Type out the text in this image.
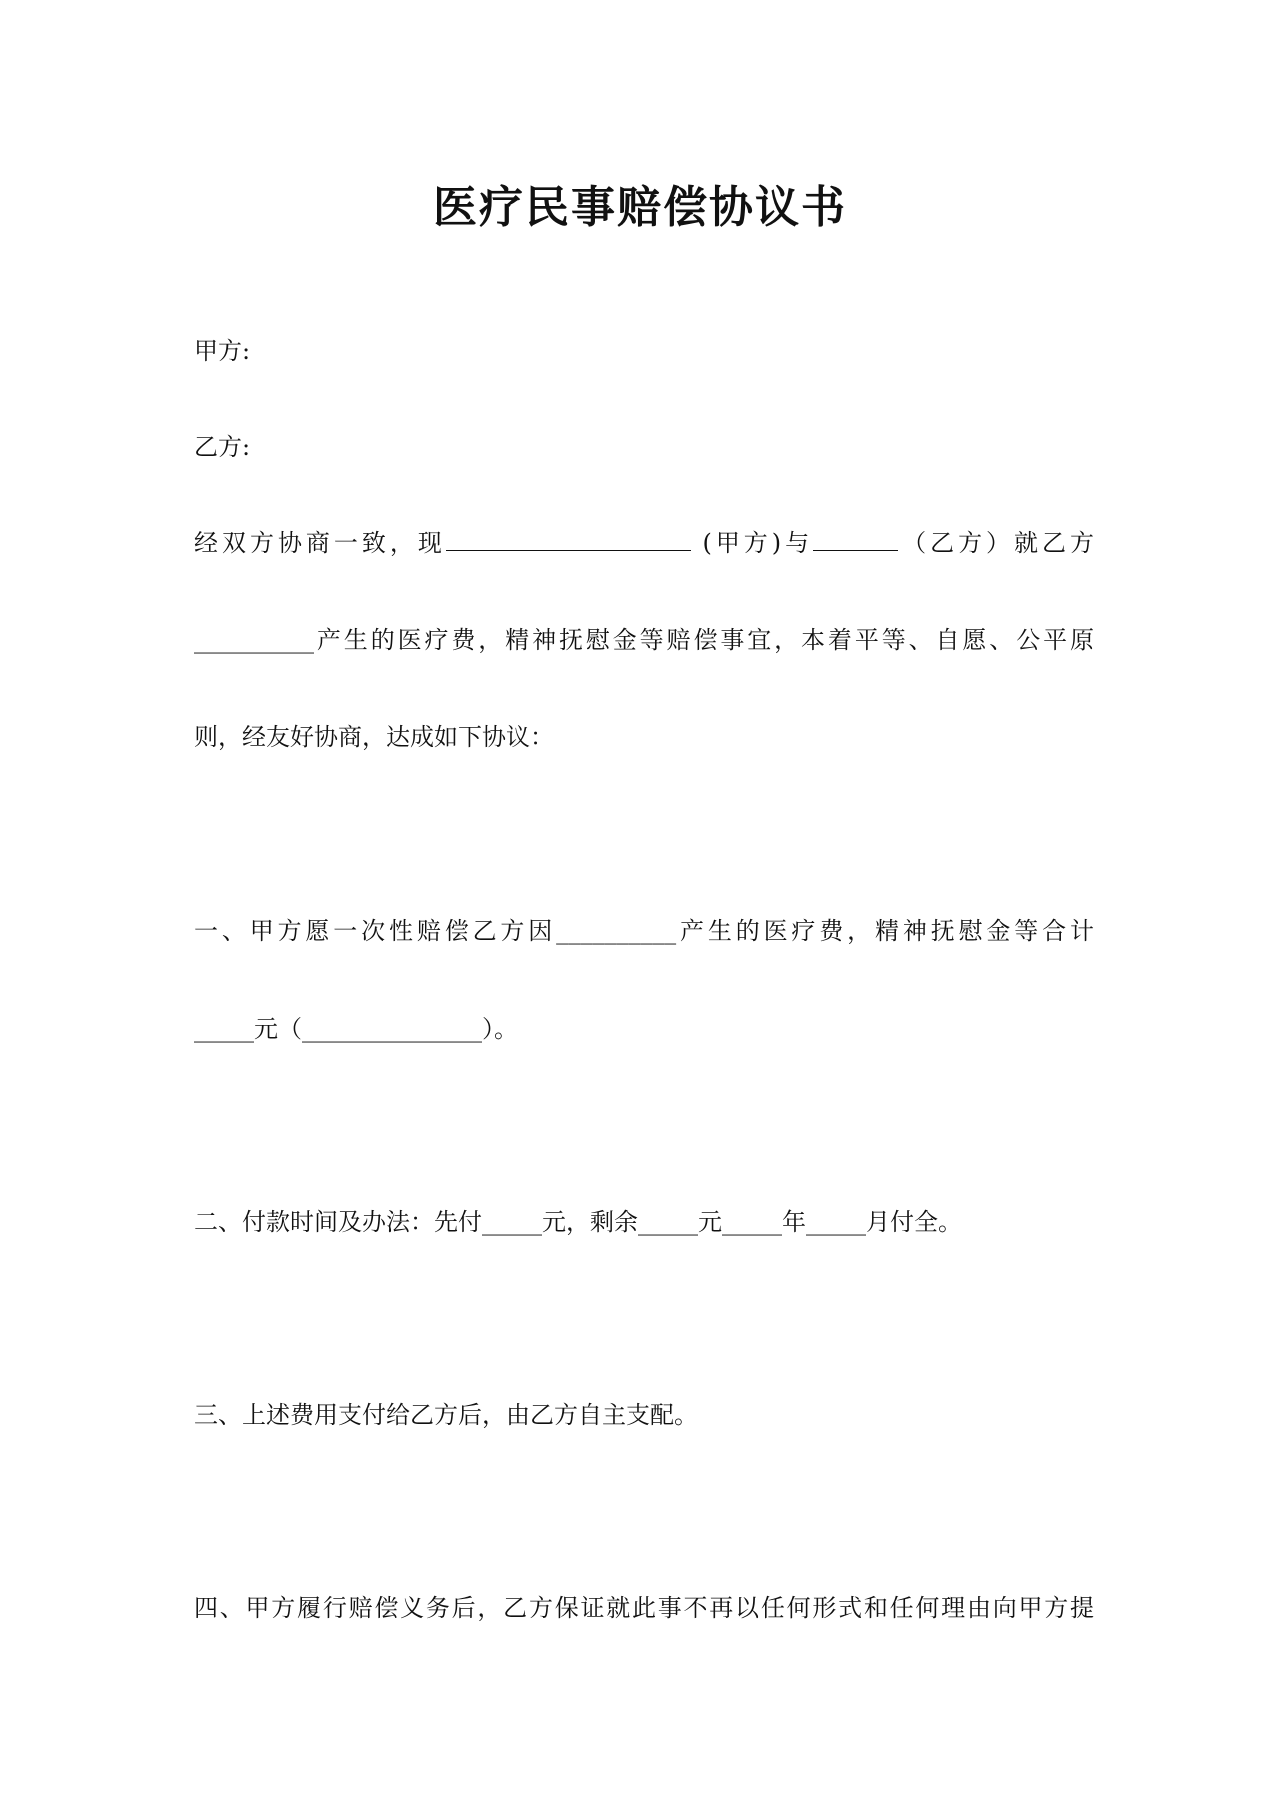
医疗民事赔偿协议书
甲方:
乙方:
经双方协商一致，现	(甲方)与	（乙方）就乙方
__________产生的医疗费，精神抚慰金等赔偿事宜，本着平等、自愿、公平原
则，经友好协商，达成如下协议：
一、甲方愿一次性赔偿乙方因__________产生的医疗费，精神抚慰金等合计
_____元（_______________）。
二、付款时间及办法：先付_____元，剩余_____元_____年_____月付全。
三、上述费用支付给乙方后，由乙方自主支配。
四、甲方履行赔偿义务后，乙方保证就此事不再以任何形式和任何理由向甲方提
